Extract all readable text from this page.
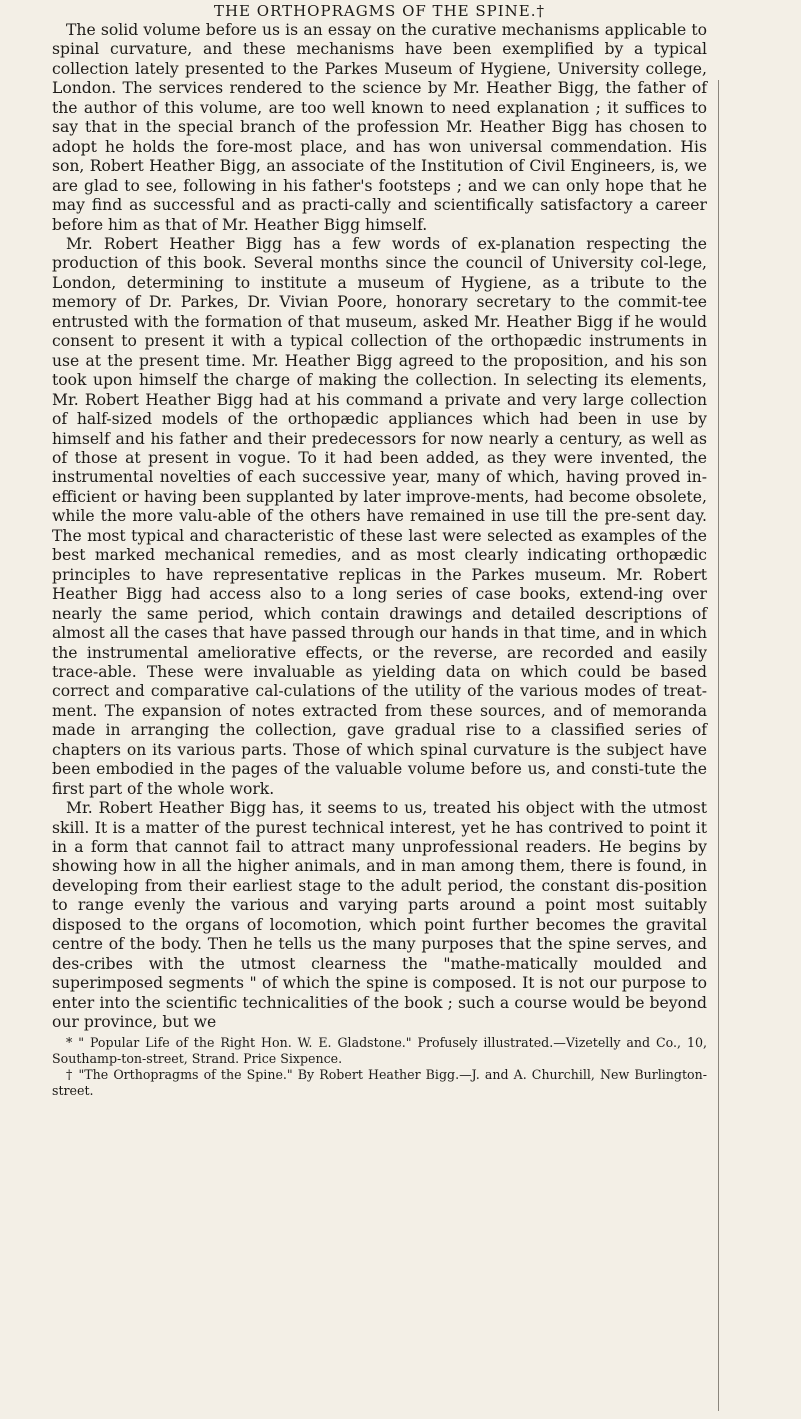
THE ORTHOPRAGMS OF THE SPINE.†

The solid volume before us is an essay on the curative mechanisms applicable to spinal curvature, and these mechanisms have been exemplified by a typical collection lately presented to the Parkes Museum of Hygiene, University college, London. The services rendered to the science by Mr. Heather Bigg, the father of the author of this volume, are too well known to need explanation ; it suffices to say that in the special branch of the profession Mr. Heather Bigg has chosen to adopt he holds the fore-most place, and has won universal commendation. His son, Robert Heather Bigg, an associate of the Institution of Civil Engineers, is, we are glad to see, following in his father's footsteps ; and we can only hope that he may find as successful and as practi-cally and scientifically satisfactory a career before him as that of Mr. Heather Bigg himself.

Mr. Robert Heather Bigg has a few words of ex-planation respecting the production of this book. Several months since the council of University col-lege, London, determining to institute a museum of Hygiene, as a tribute to the memory of Dr. Parkes, Dr. Vivian Poore, honorary secretary to the commit-tee entrusted with the formation of that museum, asked Mr. Heather Bigg if he would consent to present it with a typical collection of the orthopædic instruments in use at the present time. Mr. Heather Bigg agreed to the proposition, and his son took upon himself the charge of making the collection. In selecting its elements, Mr. Robert Heather Bigg had at his command a private and very large collection of half-sized models of the orthopædic appliances which had been in use by himself and his father and their predecessors for now nearly a century, as well as of those at present in vogue. To it had been added, as they were invented, the instrumental novelties of each successive year, many of which, having proved in-efficient or having been supplanted by later improve-ments, had become obsolete, while the more valu-able of the others have remained in use till the pre-sent day. The most typical and characteristic of these last were selected as examples of the best marked mechanical remedies, and as most clearly indicating orthopædic principles to have representative replicas in the Parkes museum. Mr. Robert Heather Bigg had access also to a long series of case books, extend-ing over nearly the same period, which contain drawings and detailed descriptions of almost all the cases that have passed through our hands in that time, and in which the instrumental ameliorative effects, or the reverse, are recorded and easily trace-able. These were invaluable as yielding data on which could be based correct and comparative cal-culations of the utility of the various modes of treat-ment. The expansion of notes extracted from these sources, and of memoranda made in arranging the collection, gave gradual rise to a classified series of chapters on its various parts. Those of which spinal curvature is the subject have been embodied in the pages of the valuable volume before us, and consti-tute the first part of the whole work.

Mr. Robert Heather Bigg has, it seems to us, treated his object with the utmost skill. It is a matter of the purest technical interest, yet he has contrived to point it in a form that cannot fail to attract many unprofessional readers. He begins by showing how in all the higher animals, and in man among them, there is found, in developing from their earliest stage to the adult period, the constant dis-position to range evenly the various and varying parts around a point most suitably disposed to the organs of locomotion, which point further becomes the gravital centre of the body. Then he tells us the many purposes that the spine serves, and des-cribes with the utmost clearness the "mathe-matically moulded and superimposed segments " of which the spine is composed. It is not our purpose to enter into the scientific technicalities of the book ; such a course would be beyond our province, but we

* " Popular Life of the Right Hon. W. E. Gladstone." Profusely illustrated.—Vizetelly and Co., 10, Southamp-ton-street, Strand. Price Sixpence.

† "The Orthopragms of the Spine." By Robert Heather Bigg.—J. and A. Churchill, New Burlington-street.
